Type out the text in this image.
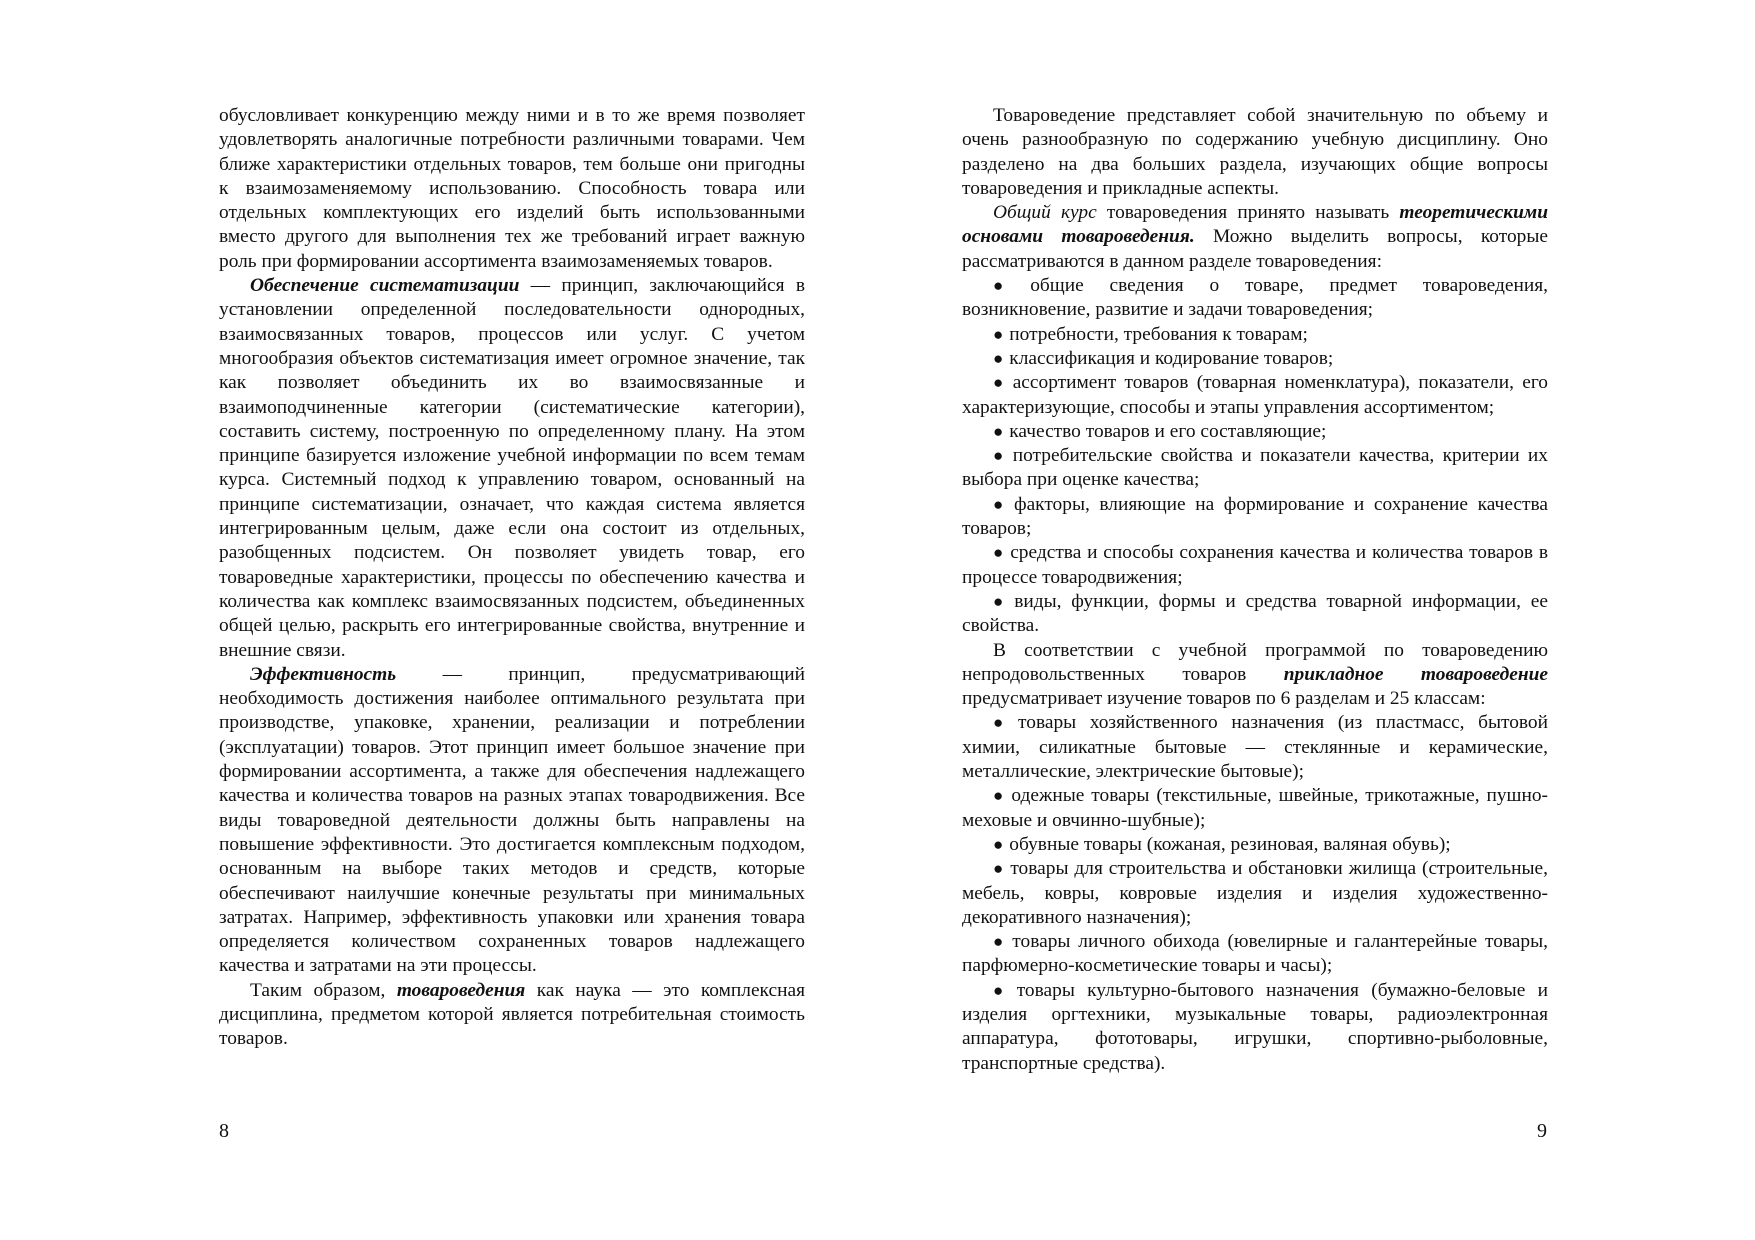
обусловливает конкуренцию между ними и в то же время позволяет удовлетворять аналогичные потребности различными товарами. Чем ближе характеристики отдельных товаров, тем больше они пригодны к взаимозаменяемому использованию. Способность товара или отдельных комплектующих его изделий быть использованными вместо другого для выполнения тех же требований играет важную роль при формировании ассортимента взаимозаменяемых товаров.

Обеспечение систематизации — принцип, заключающийся в установлении определенной последовательности однородных, взаимосвязанных товаров, процессов или услуг. С учетом многообразия объектов систематизация имеет огромное значение, так как позволяет объединить их во взаимосвязанные и взаимоподчиненные категории (систематические категории), составить систему, построенную по определенному плану. На этом принципе базируется изложение учебной информации по всем темам курса. Системный подход к управлению товаром, основанный на принципе систематизации, означает, что каждая система является интегрированным целым, даже если она состоит из отдельных, разобщенных подсистем. Он позволяет увидеть товар, его товароведные характеристики, процессы по обеспечению качества и количества как комплекс взаимосвязанных подсистем, объединенных общей целью, раскрыть его интегрированные свойства, внутренние и внешние связи.

Эффективность — принцип, предусматривающий необходимость достижения наиболее оптимального результата при производстве, упаковке, хранении, реализации и потреблении (эксплуатации) товаров. Этот принцип имеет большое значение при формировании ассортимента, а также для обеспечения надлежащего качества и количества товаров на разных этапах товародвижения. Все виды товароведной деятельности должны быть направлены на повышение эффективности. Это достигается комплексным подходом, основанным на выборе таких методов и средств, которые обеспечивают наилучшие конечные результаты при минимальных затратах. Например, эффективность упаковки или хранения товара определяется количеством сохраненных товаров надлежащего качества и затратами на эти процессы.

Таким образом, товароведения как наука — это комплексная дисциплина, предметом которой является потребительная стоимость товаров.

Товароведение представляет собой значительную по объему и очень разнообразную по содержанию учебную дисциплину. Оно разделено на два больших раздела, изучающих общие вопросы товароведения и прикладные аспекты.

Общий курс товароведения принято называть теоретическими основами товароведения. Можно выделить вопросы, которые рассматриваются в данном разделе товароведения:

● общие сведения о товаре, предмет товароведения, возникновение, развитие и задачи товароведения;

● потребности, требования к товарам;

● классификация и кодирование товаров;

● ассортимент товаров (товарная номенклатура), показатели, его характеризующие, способы и этапы управления ассортиментом;

● качество товаров и его составляющие;

● потребительские свойства и показатели качества, критерии их выбора при оценке качества;

● факторы, влияющие на формирование и сохранение качества товаров;

● средства и способы сохранения качества и количества товаров в процессе товародвижения;

● виды, функции, формы и средства товарной информации, ее свойства.

В соответствии с учебной программой по товароведению непродовольственных товаров прикладное товароведение предусматривает изучение товаров по 6 разделам и 25 классам:

● товары хозяйственного назначения (из пластмасс, бытовой химии, силикатные бытовые — стеклянные и керамические, металлические, электрические бытовые);

● одежные товары (текстильные, швейные, трикотажные, пушно-меховые и овчинно-шубные);

● обувные товары (кожаная, резиновая, валяная обувь);

● товары для строительства и обстановки жилища (строительные, мебель, ковры, ковровые изделия и изделия художественно-декоративного назначения);

● товары личного обихода (ювелирные и галантерейные товары, парфюмерно-косметические товары и часы);

● товары культурно-бытового назначения (бумажно-беловые и изделия оргтехники, музыкальные товары, радиоэлектронная аппаратура, фототовары, игрушки, спортивно-рыболовные, транспортные средства).

8	9
